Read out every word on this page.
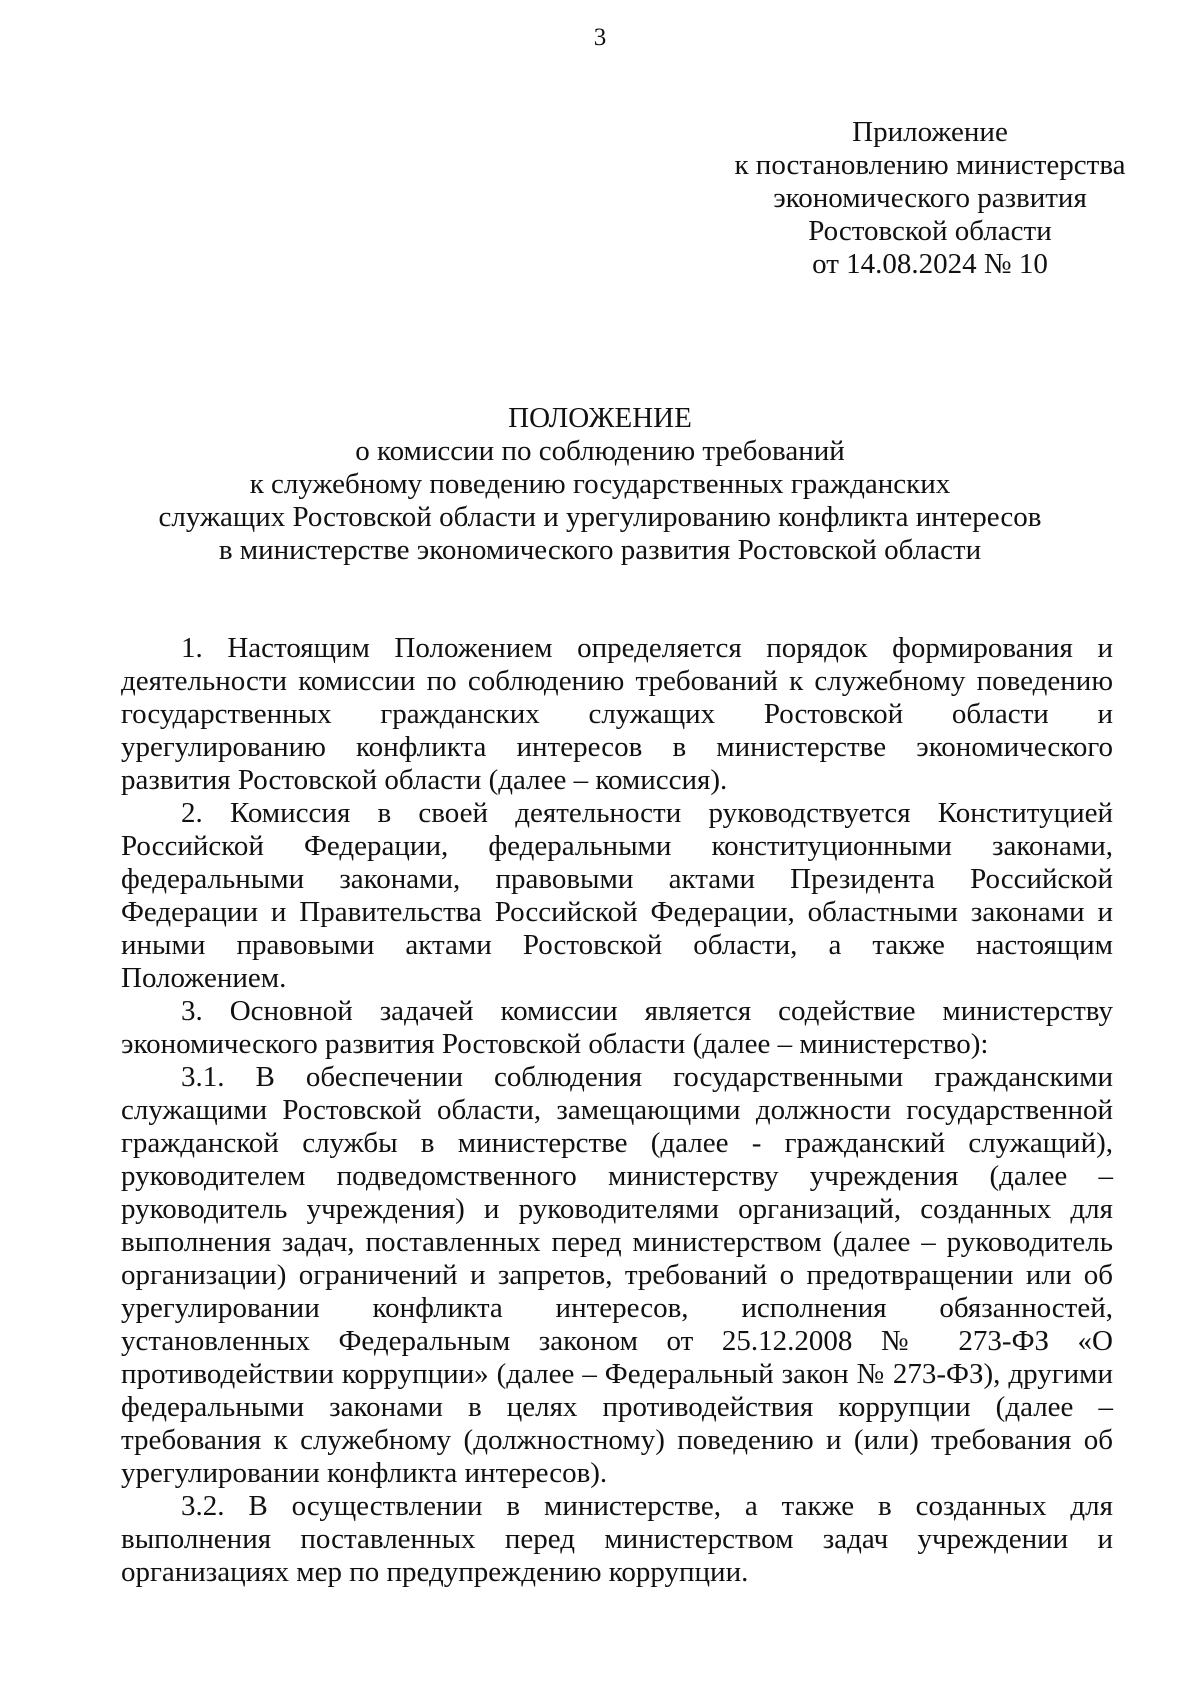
3
Приложение
к постановлению министерства
экономического развития
Ростовской области
от 14.08.2024 № 10
ПОЛОЖЕНИЕ
о комиссии по соблюдению требований
к служебному поведению государственных гражданских
служащих Ростовской области и урегулированию конфликта интересов
в министерстве экономического развития Ростовской области

1. Настоящим Положением определяется порядок формирования и деятельности комиссии по соблюдению требований к служебному поведению государственных гражданских служащих Ростовской области и урегулированию конфликта интересов в министерстве экономического развития Ростовской области (далее – комиссия).

2. Комиссия в своей деятельности руководствуется Конституцией Российской Федерации, федеральными конституционными законами, федеральными законами, правовыми актами Президента Российской Федерации и Правительства Российской Федерации, областными законами и иными правовыми актами Ростовской области, а также настоящим Положением.

3. Основной задачей комиссии является содействие министерству экономического развития Ростовской области (далее – министерство):

3.1. В обеспечении соблюдения государственными гражданскими служащими Ростовской области, замещающими должности государственной гражданской службы в министерстве (далее - гражданский служащий), руководителем подведомственного министерству учреждения (далее – руководитель учреждения) и руководителями организаций, созданных для выполнения задач, поставленных перед министерством (далее – руководитель организации) ограничений и запретов, требований о предотвращении или об урегулировании конфликта интересов, исполнения обязанностей, установленных Федеральным законом от 25.12.2008 № 273-ФЗ «О противодействии коррупции» (далее – Федеральный закон № 273-ФЗ), другими федеральными законами в целях противодействия коррупции (далее – требования к служебному (должностному) поведению и (или) требования об урегулировании конфликта интересов).

3.2. В осуществлении в министерстве, а также в созданных для выполнения поставленных перед министерством задач учреждении и организациях мер по предупреждению коррупции.
